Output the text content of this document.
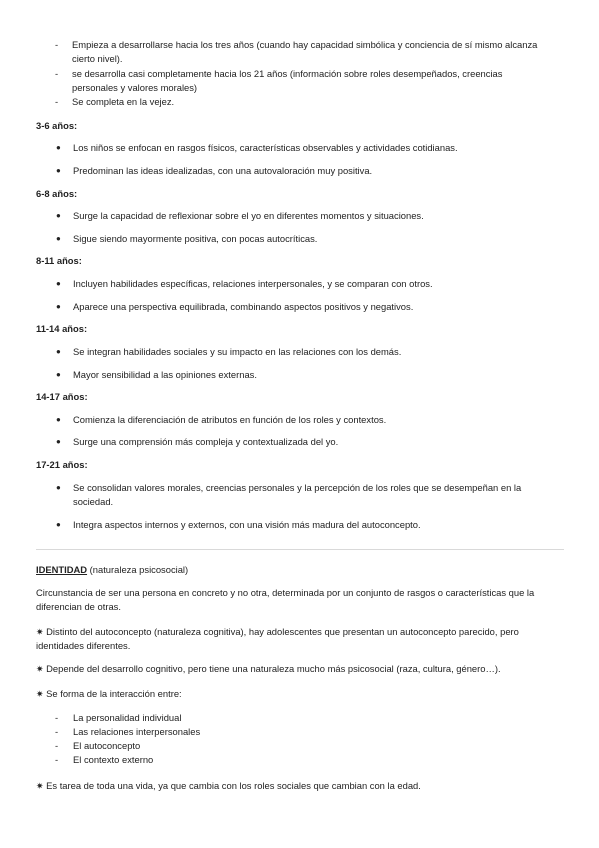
- Empieza a desarrollarse hacia los tres años (cuando hay capacidad simbólica y conciencia de sí mismo alcanza cierto nivel).
- se desarrolla casi completamente hacia los 21 años (información sobre roles desempeñados, creencias personales y valores morales)
- Se completa en la vejez.
3-6 años:
● Los niños se enfocan en rasgos físicos, características observables y actividades cotidianas.
● Predominan las ideas idealizadas, con una autovaloración muy positiva.
6-8 años:
● Surge la capacidad de reflexionar sobre el yo en diferentes momentos y situaciones.
● Sigue siendo mayormente positiva, con pocas autocríticas.
8-11 años:
● Incluyen habilidades específicas, relaciones interpersonales, y se comparan con otros.
● Aparece una perspectiva equilibrada, combinando aspectos positivos y negativos.
11-14 años:
● Se integran habilidades sociales y su impacto en las relaciones con los demás.
● Mayor sensibilidad a las opiniones externas.
14-17 años:
● Comienza la diferenciación de atributos en función de los roles y contextos.
● Surge una comprensión más compleja y contextualizada del yo.
17-21 años:
● Se consolidan valores morales, creencias personales y la percepción de los roles que se desempeñan en la sociedad.
● Integra aspectos internos y externos, con una visión más madura del autoconcepto.
IDENTIDAD (naturaleza psicosocial)
Circunstancia de ser una persona en concreto y no otra, determinada por un conjunto de rasgos o características que la diferencian de otras.
✷ Distinto del autoconcepto (naturaleza cognitiva), hay adolescentes que presentan un autoconcepto parecido, pero identidades diferentes.
✷ Depende del desarrollo cognitivo, pero tiene una naturaleza mucho más psicosocial (raza, cultura, género…).
✷ Se forma de la interacción entre:
- La personalidad individual
- Las relaciones interpersonales
- El autoconcepto
- El contexto externo
✷ Es tarea de toda una vida, ya que cambia con los roles sociales que cambian con la edad.
